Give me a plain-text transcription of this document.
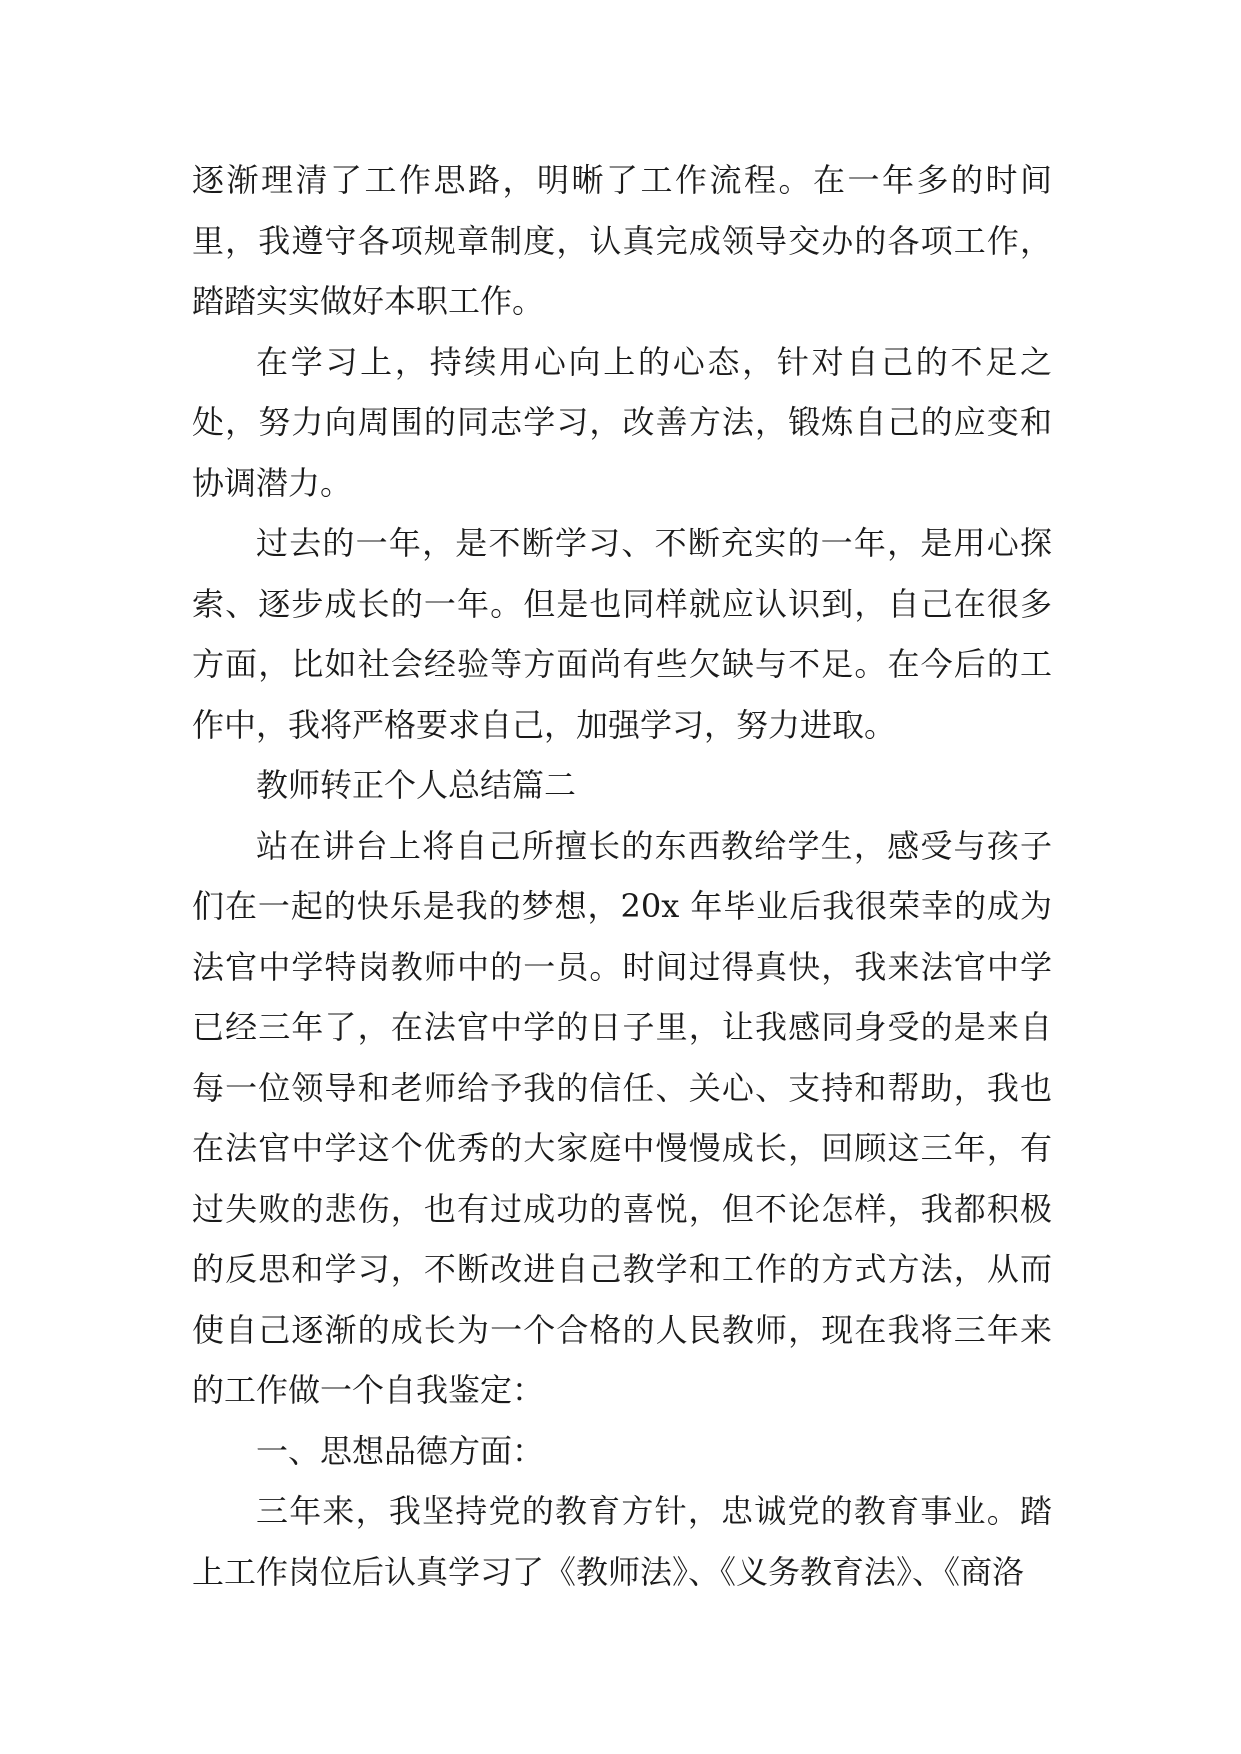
逐渐理清了工作思路，明晰了工作流程。在一年多的时间里，我遵守各项规章制度，认真完成领导交办的各项工作，踏踏实实做好本职工作。

在学习上，持续用心向上的心态，针对自己的不足之处，努力向周围的同志学习，改善方法，锻炼自己的应变和协调潜力。

过去的一年，是不断学习、不断充实的一年，是用心探索、逐步成长的一年。但是也同样就应认识到，自己在很多方面，比如社会经验等方面尚有些欠缺与不足。在今后的工作中，我将严格要求自己，加强学习，努力进取。

教师转正个人总结篇二

站在讲台上将自己所擅长的东西教给学生，感受与孩子们在一起的快乐是我的梦想，20x 年毕业后我很荣幸的成为法官中学特岗教师中的一员。时间过得真快，我来法官中学已经三年了，在法官中学的日子里，让我感同身受的是来自每一位领导和老师给予我的信任、关心、支持和帮助，我也在法官中学这个优秀的大家庭中慢慢成长，回顾这三年，有过失败的悲伤，也有过成功的喜悦，但不论怎样，我都积极的反思和学习，不断改进自己教学和工作的方式方法，从而使自己逐渐的成长为一个合格的人民教师，现在我将三年来的工作做一个自我鉴定：

一、思想品德方面：

三年来，我坚持党的教育方针，忠诚党的教育事业。踏上工作岗位后认真学习了《教师法》、《义务教育法》、《商洛
